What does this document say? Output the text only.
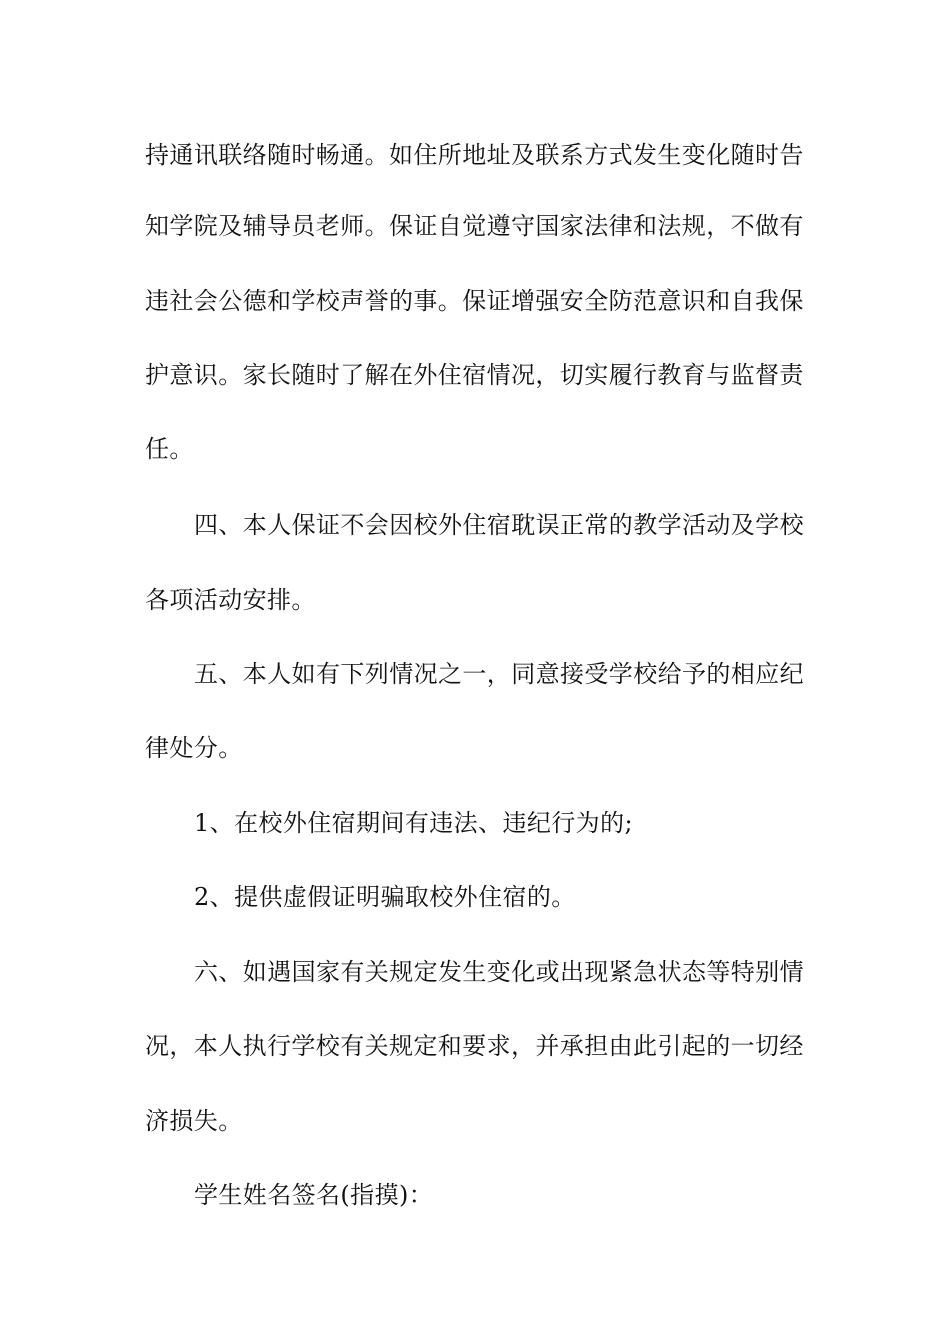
持通讯联络随时畅通。如住所地址及联系方式发生变化随时告
知学院及辅导员老师。保证自觉遵守国家法律和法规，不做有
违社会公德和学校声誉的事。保证增强安全防范意识和自我保
护意识。家长随时了解在外住宿情况，切实履行教育与监督责
任。
四、本人保证不会因校外住宿耽误正常的教学活动及学校
各项活动安排。
五、本人如有下列情况之一，同意接受学校给予的相应纪
律处分。
1、在校外住宿期间有违法、违纪行为的;
2、提供虚假证明骗取校外住宿的。
六、如遇国家有关规定发生变化或出现紧急状态等特别情
况，本人执行学校有关规定和要求，并承担由此引起的一切经
济损失。
学生姓名签名(指摸)：
